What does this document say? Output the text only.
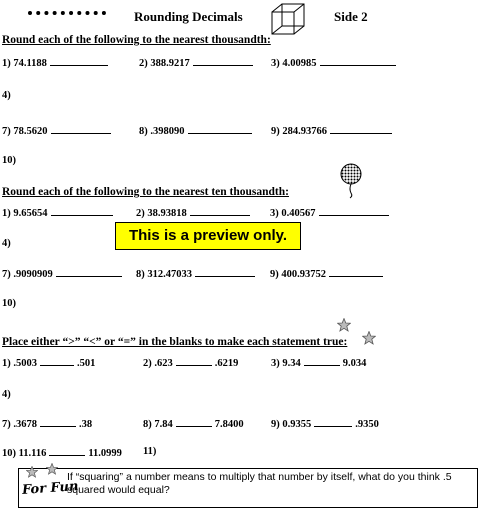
Rounding Decimals	Side 2
Round each of the following to the nearest thousandth:
1) 74.1188	2) 388.9217	3) 4.00985
4)
7) 78.5620	8) .398090	9) 284.93766
10)
Round each of the following to the nearest ten thousandth:
1) 9.65654	2) 38.93818	3) 0.40567
4)
7) .9090909	8) 312.47033	9) 400.93752
10)
This is a preview only.
Place either “>” “<” or “=” in the blanks to make each statement true:
1) .5003	.501	2) .623	.6219	3) 9.34	9.034
4)
7) .3678	.38	8) 7.84	7.8400	9) 0.9355	.9350
10) 11.116	11.0999 11)
For Fun
If “squaring” a number means to multiply that number by itself, what do you think .5 squared would equal?
